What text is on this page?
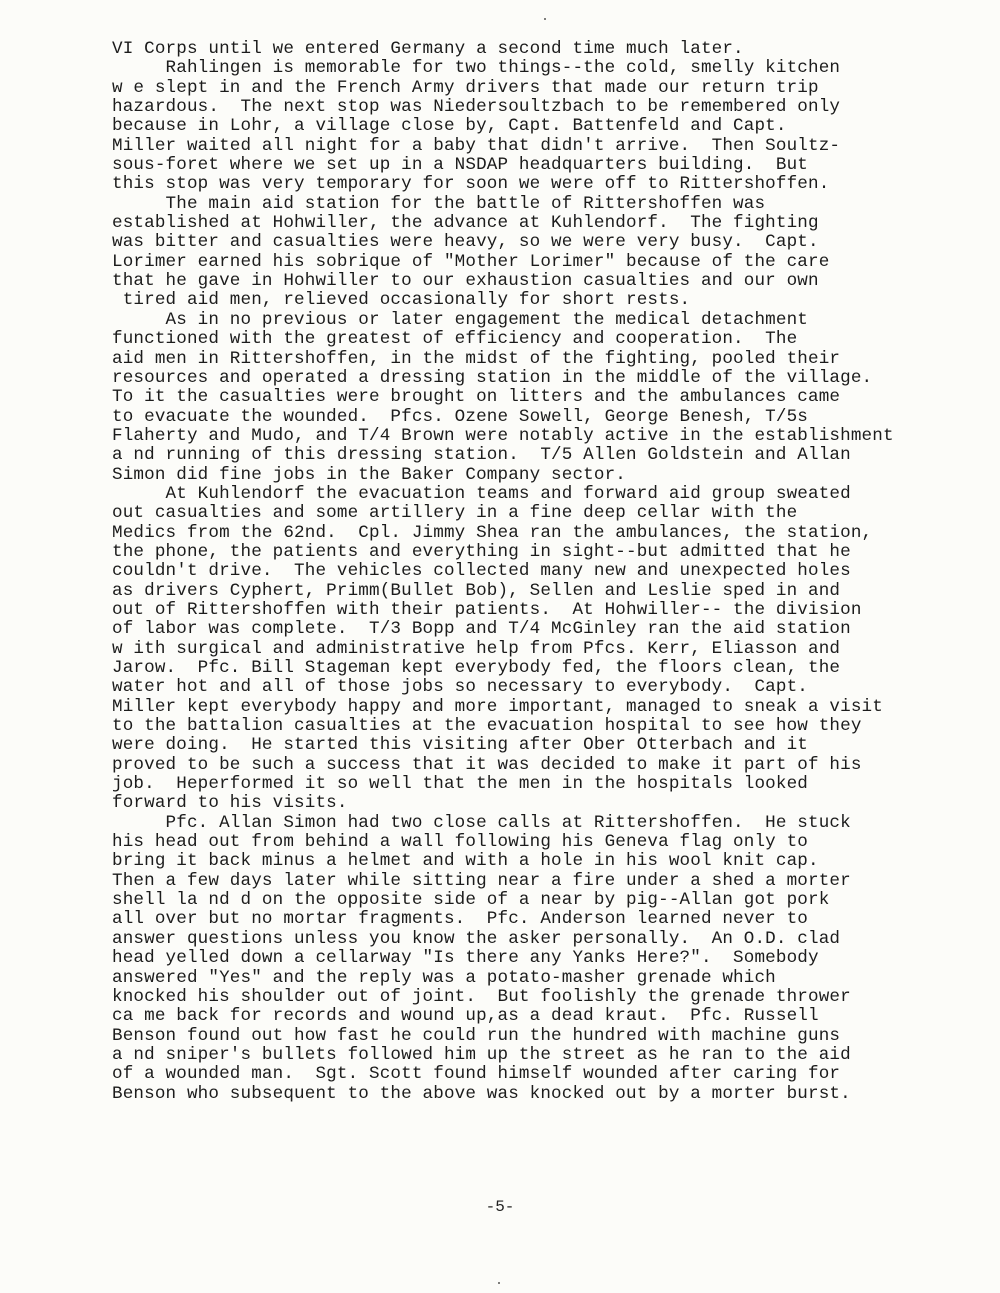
VI Corps until we entered Germany a second time much later.
Rahlingen is memorable for two things--the cold, smelly kitchen
w e slept in and the French Army drivers that made our return trip
hazardous.  The next stop was Niedersoultzbach to be remembered only
because in Lohr, a village close by, Capt. Battenfeld and Capt.
Miller waited all night for a baby that didn't arrive.  Then Soultz-
sous-foret where we set up in a NSDAP headquarters building.  But
this stop was very temporary for soon we were off to Rittershoffen.
The main aid station for the battle of Rittershoffen was
established at Hohwiller, the advance at Kuhlendorf.  The fighting
was bitter and casualties were heavy, so we were very busy.  Capt.
Lorimer earned his sobrique of "Mother Lorimer" because of the care
that he gave in Hohwiller to our exhaustion casualties and our own
tired aid men, relieved occasionally for short rests.
As in no previous or later engagement the medical detachment
functioned with the greatest of efficiency and cooperation.  The
aid men in Rittershoffen, in the midst of the fighting, pooled their
resources and operated a dressing station in the middle of the village.
To it the casualties were brought on litters and the ambulances came
to evacuate the wounded.  Pfcs. Ozene Sowell, George Benesh, T/5s
Flaherty and Mudo, and T/4 Brown were notably active in the establishment
a nd running of this dressing station.  T/5 Allen Goldstein and Allan
Simon did fine jobs in the Baker Company sector.
At Kuhlendorf the evacuation teams and forward aid group sweated
out casualties and some artillery in a fine deep cellar with the
Medics from the 62nd.  Cpl. Jimmy Shea ran the ambulances, the station,
the phone, the patients and everything in sight--but admitted that he
couldn't drive.  The vehicles collected many new and unexpected holes
as drivers Cyphert, Primm(Bullet Bob), Sellen and Leslie sped in and
out of Rittershoffen with their patients.  At Hohwiller-- the division
of labor was complete.  T/3 Bopp and T/4 McGinley ran the aid station
w ith surgical and administrative help from Pfcs. Kerr, Eliasson and
Jarow.  Pfc. Bill Stageman kept everybody fed, the floors clean, the
water hot and all of those jobs so necessary to everybody.  Capt.
Miller kept everybody happy and more important, managed to sneak a visit
to the battalion casualties at the evacuation hospital to see how they
were doing.  He started this visiting after Ober Otterbach and it
proved to be such a success that it was decided to make it part of his
job.  Heperformed it so well that the men in the hospitals looked
forward to his visits.
Pfc. Allan Simon had two close calls at Rittershoffen.  He stuck
his head out from behind a wall following his Geneva flag only to
bring it back minus a helmet and with a hole in his wool knit cap.
Then a few days later while sitting near a fire under a shed a morter
shell la nd d on the opposite side of a near by pig--Allan got pork
all over but no mortar fragments.  Pfc. Anderson learned never to
answer questions unless you know the asker personally.  An O.D. clad
head yelled down a cellarway "Is there any Yanks Here?".  Somebody
answered "Yes" and the reply was a potato-masher grenade which
knocked his shoulder out of joint.  But foolishly the grenade thrower
ca me back for records and wound up,as a dead kraut.  Pfc. Russell
Benson found out how fast he could run the hundred with machine guns
a nd sniper's bullets followed him up the street as he ran to the aid
of a wounded man.  Sgt. Scott found himself wounded after caring for
Benson who subsequent to the above was knocked out by a morter burst.
-5-
